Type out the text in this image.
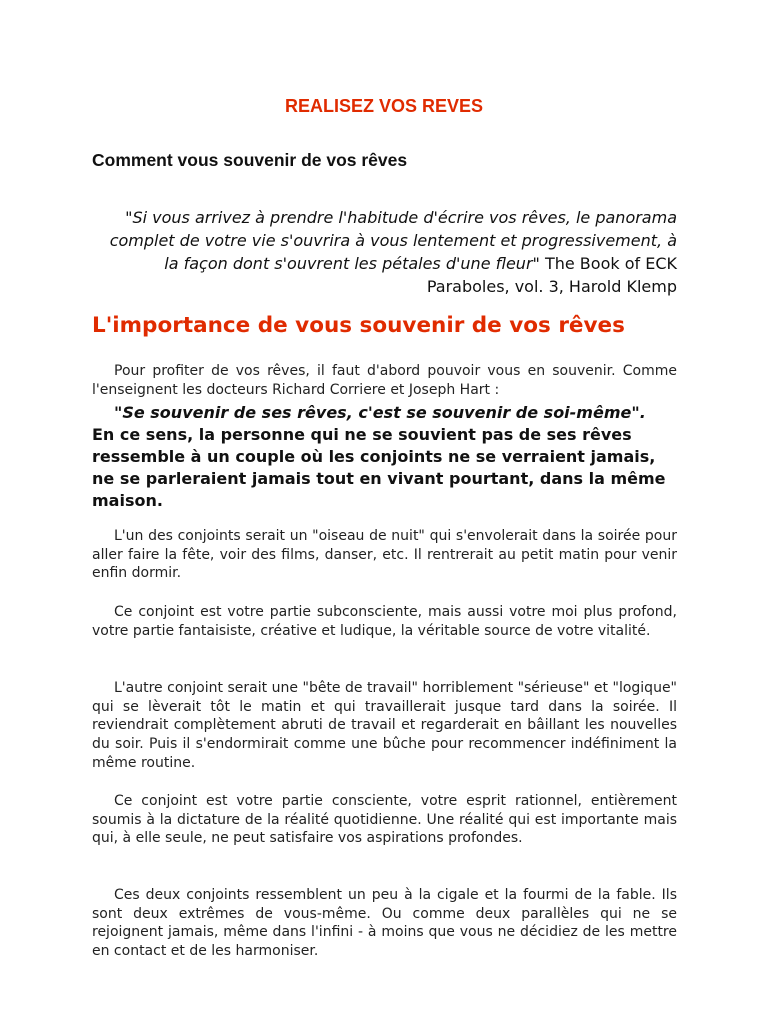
REALISEZ VOS REVES
Comment vous souvenir de vos rêves

"Si vous arrivez à prendre l'habitude d'écrire vos rêves, le panorama complet de votre vie s'ouvrira à vous lentement et progressivement, à la façon dont s'ouvrent les pétales d'une fleur" The Book of ECK Paraboles, vol. 3, Harold Klemp

L'importance de vous souvenir de vos rêves

Pour profiter de vos rêves, il faut d'abord pouvoir vous en souvenir. Comme l'enseignent les docteurs Richard Corriere et Joseph Hart :

"Se souvenir de ses rêves, c'est se souvenir de soi-même".
En ce sens, la personne qui ne se souvient pas de ses rêves ressemble à un couple où les conjoints ne se verraient jamais, ne se parleraient jamais tout en vivant pourtant, dans la même maison.

L'un des conjoints serait un "oiseau de nuit" qui s'envolerait dans la soirée pour aller faire la fête, voir des films, danser, etc. Il rentrerait au petit matin pour venir enfin dormir.

Ce conjoint est votre partie subconsciente, mais aussi votre moi plus profond, votre partie fantaisiste, créative et ludique, la véritable source de votre vitalité.

L'autre conjoint serait une "bête de travail" horriblement "sérieuse" et "logique" qui se lèverait tôt le matin et qui travaillerait jusque tard dans la soirée. Il reviendrait complètement abruti de travail et regarderait en bâillant les nouvelles du soir. Puis il s'endormirait comme une bûche pour recommencer indéfiniment la même routine.

Ce conjoint est votre partie consciente, votre esprit rationnel, entièrement soumis à la dictature de la réalité quotidienne. Une réalité qui est importante mais qui, à elle seule, ne peut satisfaire vos aspirations profondes.

Ces deux conjoints ressemblent un peu à la cigale et la fourmi de la fable. Ils sont deux extrêmes de vous-même. Ou comme deux parallèles qui ne se rejoignent jamais, même dans l'infini - à moins que vous ne décidiez de les mettre en contact et de les harmoniser.
